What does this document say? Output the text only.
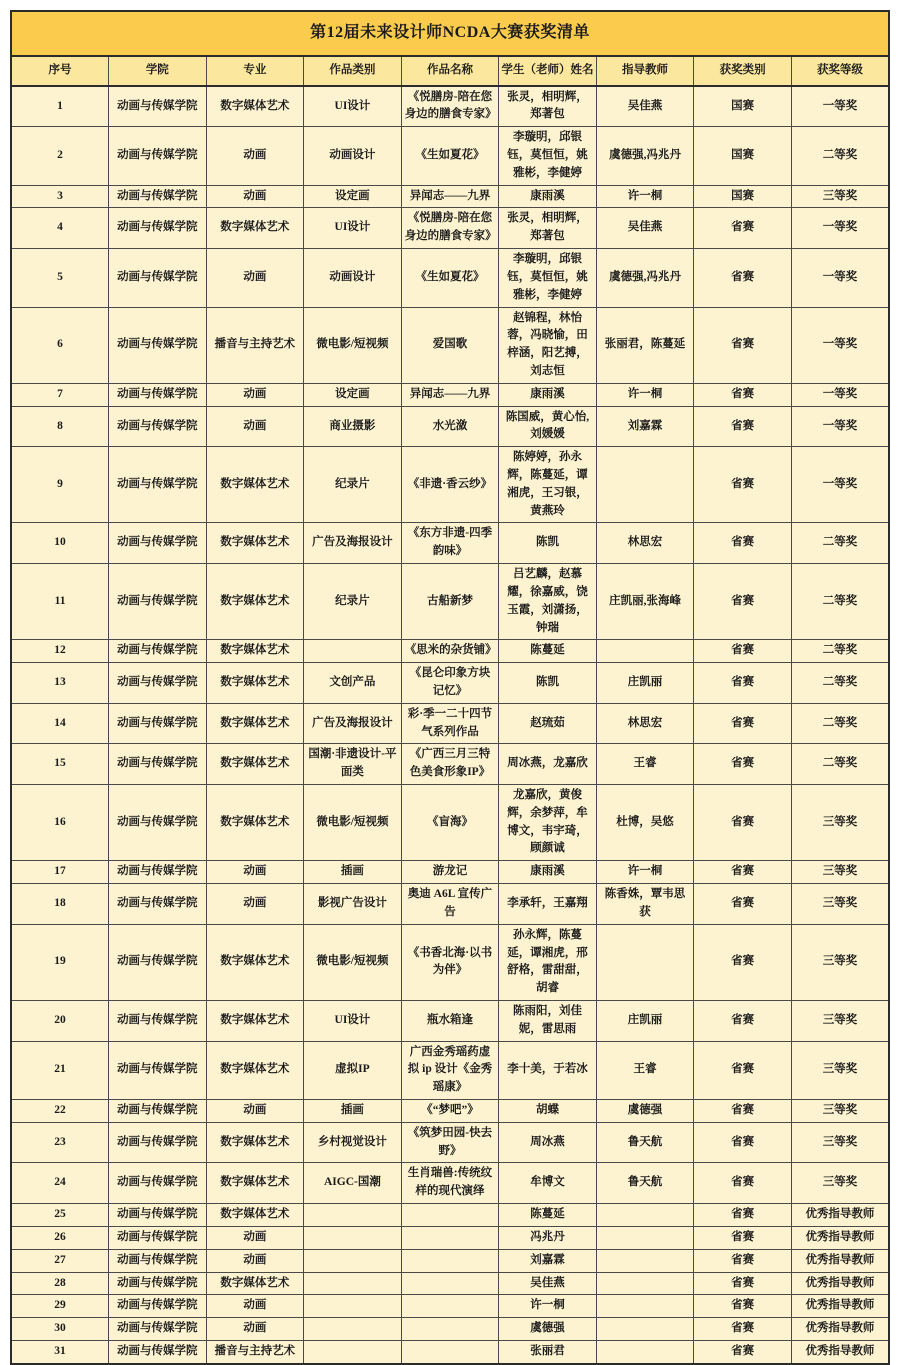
第12届未来设计师NCDA大赛获奖清单								
序号	学院	专业	作品类别	作品名称	学生（老师）姓名	指导教师	获奖类别	获奖等级
1	动画与传媒学院	数字媒体艺术	UI设计	《悦膳房-陪在您身边的膳食专家》	张灵，相明辉，郑著包	吴佳燕	国赛	一等奖
2	动画与传媒学院	动画	动画设计	《生如夏花》	李璇明，邱银钰，莫恒恒，姚雅彬，李健婷	虞德强,冯兆丹	国赛	二等奖
3	动画与传媒学院	动画	设定画	异闻志——九界	康雨溪	许一桐	国赛	三等奖
4	动画与传媒学院	数字媒体艺术	UI设计	《悦膳房-陪在您身边的膳食专家》	张灵，相明辉，郑著包	吴佳燕	省赛	一等奖
5	动画与传媒学院	动画	动画设计	《生如夏花》	李璇明，邱银钰，莫恒恒，姚雅彬，李健婷	虞德强,冯兆丹	省赛	一等奖
6	动画与传媒学院	播音与主持艺术	微电影/短视频	爱国歌	赵锦程，林怡蓉，冯晓愉，田梓涵，阳艺搏，刘志恒	张丽君，陈蔓延	省赛	一等奖
7	动画与传媒学院	动画	设定画	异闻志——九界	康雨溪	许一桐	省赛	一等奖
8	动画与传媒学院	动画	商业摄影	水光潋	陈国威，黄心怡,刘媛媛	刘嘉霖	省赛	一等奖
9	动画与传媒学院	数字媒体艺术	纪录片	《非遗·香云纱》	陈婷婷，孙永辉，陈蔓延，谭湘虎，王习银，黄燕玲		省赛	一等奖
10	动画与传媒学院	数字媒体艺术	广告及海报设计	《东方非遗-四季韵味》	陈凯	林思宏	省赛	二等奖
11	动画与传媒学院	数字媒体艺术	纪录片	古船新梦	吕艺麟，赵慕耀，徐嘉威，饶玉霞，刘潇扬，钟瑞	庄凯丽,张海峰	省赛	二等奖
12	动画与传媒学院	数字媒体艺术		《思米的杂货铺》	陈蔓延		省赛	二等奖
13	动画与传媒学院	数字媒体艺术	文创产品	《昆仑印象方块记忆》	陈凯	庄凯丽	省赛	二等奖
14	动画与传媒学院	数字媒体艺术	广告及海报设计	彩·季一二十四节气系列作品	赵琉茹	林思宏	省赛	二等奖
15	动画与传媒学院	数字媒体艺术	国潮·非遗设计-平面类	《广西三月三特色美食形象IP》	周冰燕，龙嘉欣	王睿	省赛	二等奖
16	动画与传媒学院	数字媒体艺术	微电影/短视频	《盲海》	龙嘉欣，黄俊辉，余梦萍，牟博文，韦宇琦，顾颜诚	杜博，吴悠	省赛	三等奖
17	动画与传媒学院	动画	插画	游龙记	康雨溪	许一桐	省赛	三等奖
18	动画与传媒学院	动画	影视广告设计	奥迪 A6L 宣传广告	李承轩，王嘉翔	陈香姝，覃韦思获	省赛	三等奖
19	动画与传媒学院	数字媒体艺术	微电影/短视频	《书香北海·以书为伴》	孙永辉，陈蔓延，谭湘虎，邢舒格，雷甜甜，胡睿		省赛	三等奖
20	动画与传媒学院	数字媒体艺术	UI设计	瓶水箱逢	陈雨阳，刘佳妮，雷思雨	庄凯丽	省赛	三等奖
21	动画与传媒学院	数字媒体艺术	虚拟IP	广西金秀瑶药虚拟 ip 设计《金秀瑶康》	李十美，于若冰	王睿	省赛	三等奖
22	动画与传媒学院	动画	插画	《“梦吧”》	胡蝶	虞德强	省赛	三等奖
23	动画与传媒学院	数字媒体艺术	乡村视觉设计	《筑梦田园-快去野》	周冰燕	鲁天航	省赛	三等奖
24	动画与传媒学院	数字媒体艺术	AIGC-国潮	生肖瑞兽:传统纹样的现代演绎	牟博文	鲁天航	省赛	三等奖
25	动画与传媒学院	数字媒体艺术			陈蔓延		省赛	优秀指导教师
26	动画与传媒学院	动画			冯兆丹		省赛	优秀指导教师
27	动画与传媒学院	动画			刘嘉霖		省赛	优秀指导教师
28	动画与传媒学院	数字媒体艺术			吴佳燕		省赛	优秀指导教师
29	动画与传媒学院	动画			许一桐		省赛	优秀指导教师
30	动画与传媒学院	动画			虞德强		省赛	优秀指导教师
31	动画与传媒学院	播音与主持艺术			张丽君		省赛	优秀指导教师
